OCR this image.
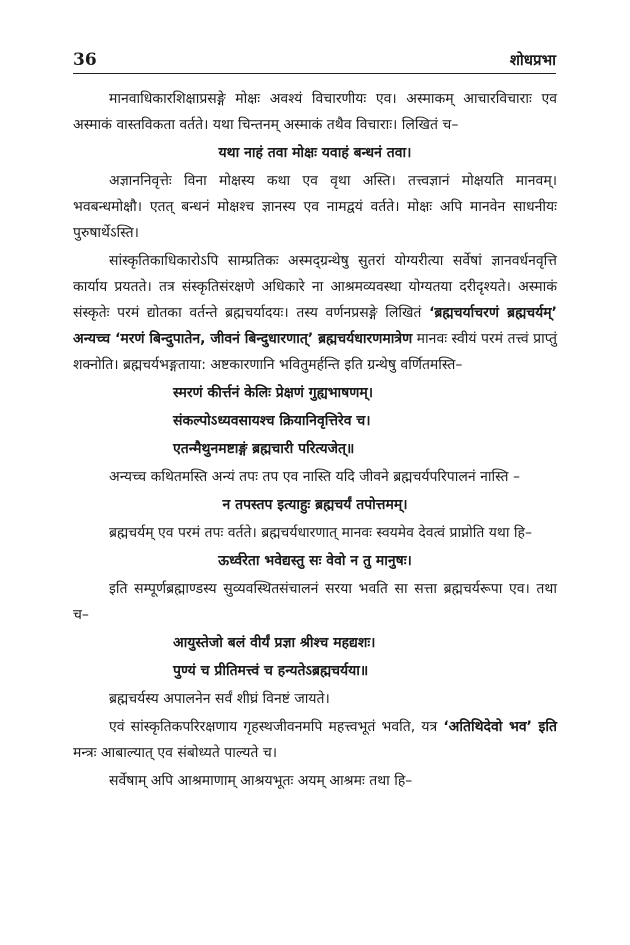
36	शोधप्रभा

मानवाधिकारशिक्षाप्रसङ्गे मोक्षः अवश्यं विचारणीयः एव। अस्माकम् आचारविचाराः एव अस्माकं वास्तविकता वर्तते। यथा चिन्तनम् अस्माकं तथैव विचाराः। लिखितं च–

यथा नाहं तवा मोक्षः यवाहं बन्धनं तवा।

अज्ञाननिवृत्तेः विना मोक्षस्य कथा एव वृथा अस्ति। तत्त्वज्ञानं मोक्षयति मानवम्। भवबन्धमोक्षौ। एतत् बन्धनं मोक्षश्च ज्ञानस्य एव नामद्वयं वर्तते। मोक्षः अपि मानवेन साधनीयः पुरुषार्थेऽस्ति।

सांस्कृतिकाधिकारोऽपि साम्प्रतिकः अस्मद्ग्रन्थेषु सुतरां योग्यरीत्या सर्वेषां ज्ञानवर्धनवृत्ति कार्याय प्रयतते। तत्र संस्कृतिसंरक्षणे अधिकारे ना आश्रमव्यवस्था योग्यतया दरीदृश्यते। अस्माकं संस्कृतेः परमं द्योतका वर्तन्ते ब्रह्मचर्यादयः। तस्य वर्णनप्रसङ्गे लिखितं ‘ब्रह्मचर्याचरणं ब्रह्मचर्यम्’ अन्यच्च ‘मरणं बिन्दुपातेन, जीवनं बिन्दुधारणात्’ ब्रह्मचर्यधारणमात्रेण मानवः स्वीयं परमं तत्त्वं प्राप्तुं शक्नोति। ब्रह्मचर्यभङ्गताया: अष्टकारणानि भवितुमर्हन्ति इति ग्रन्थेषु वर्णितमस्ति–

स्मरणं कीर्त्तनं केलिः प्रेक्षणं गुह्यभाषणम्।

संकल्पोऽध्यवसायश्च क्रियानिवृत्तिरेव च।

एतन्मैथुनमष्टाङ्गं ब्रह्मचारी परित्यजेत्॥

अन्यच्च कथितमस्ति अन्यं तपः तप एव नास्ति यदि जीवने ब्रह्मचर्यपरिपालनं नास्ति –

न तपस्तप इत्याहुः ब्रह्मचर्यं तपोत्तमम्।

ब्रह्मचर्यम् एव परमं तपः वर्तते। ब्रह्मचर्यधारणात् मानवः स्वयमेव देवत्वं प्राप्नोति यथा हि–

ऊर्ध्वरेता भवेद्यस्तु सः वेवो न तु मानुषः।

इति सम्पूर्णब्रह्माण्डस्य सुव्यवस्थितसंचालनं सरया भवति सा सत्ता ब्रह्मचर्यरूपा एव। तथा च–

आयुस्तेजो बलं वीर्यं प्रज्ञा श्रीश्च महद्यशः।

पुण्यं च प्रीतिमत्त्वं च हन्यतेऽब्रह्मचर्यया॥

ब्रह्मचर्यस्य अपालनेन सर्वं शीघ्रं विनष्टं जायते।

एवं सांस्कृतिकपरिरक्षणाय गृहस्थजीवनमपि महत्त्वभूतं भवति, यत्र ‘अतिथिदेवो भव’ इति मन्त्रः आबाल्यात् एव संबोध्यते पाल्यते च।

सर्वेषाम् अपि आश्रमाणाम् आश्रयभूतः अयम् आश्रमः तथा हि–
